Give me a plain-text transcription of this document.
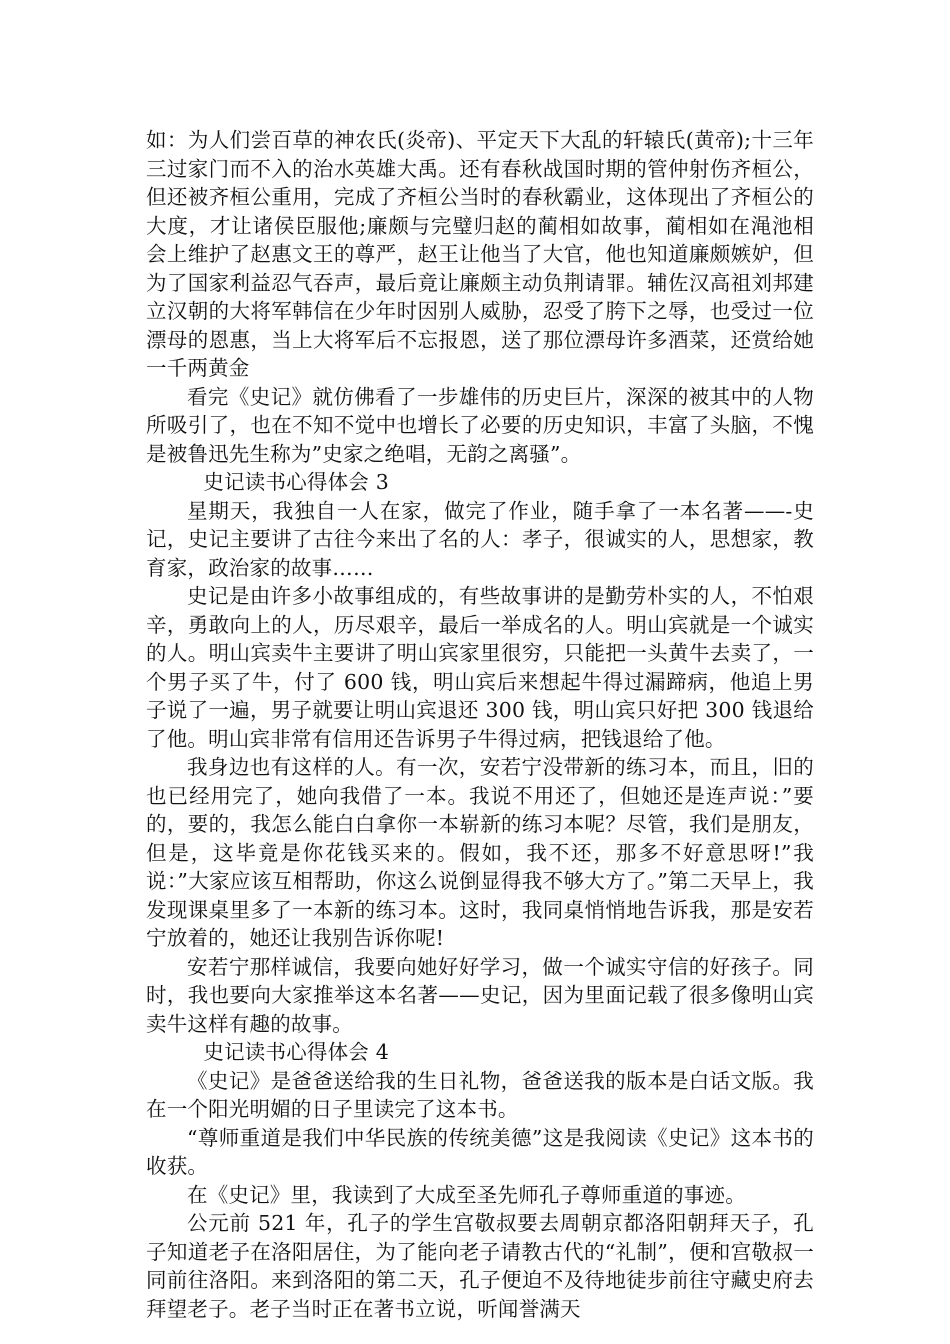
如：为人们尝百草的神农氏(炎帝)、平定天下大乱的轩辕氏(黄帝);十三年三过家门而不入的治水英雄大禹。还有春秋战国时期的管仲射伤齐桓公，但还被齐桓公重用，完成了齐桓公当时的春秋霸业，这体现出了齐桓公的大度，才让诸侯臣服他;廉颇与完璧归赵的蔺相如故事，蔺相如在渑池相会上维护了赵惠文王的尊严，赵王让他当了大官，他也知道廉颇嫉妒，但为了国家利益忍气吞声，最后竟让廉颇主动负荆请罪。辅佐汉高祖刘邦建立汉朝的大将军韩信在少年时因别人威胁，忍受了胯下之辱，也受过一位漂母的恩惠，当上大将军后不忘报恩，送了那位漂母许多酒菜，还赏给她一千两黄金

看完《史记》就仿佛看了一步雄伟的历史巨片，深深的被其中的人物所吸引了，也在不知不觉中也增长了必要的历史知识，丰富了头脑，不愧是被鲁迅先生称为”史家之绝唱，无韵之离骚”。

史记读书心得体会 3

星期天，我独自一人在家，做完了作业，随手拿了一本名著——-史记，史记主要讲了古往今来出了名的人：孝子，很诚实的人，思想家，教育家，政治家的故事……

史记是由许多小故事组成的，有些故事讲的是勤劳朴实的人，不怕艰辛，勇敢向上的人，历尽艰辛，最后一举成名的人。明山宾就是一个诚实的人。明山宾卖牛主要讲了明山宾家里很穷，只能把一头黄牛去卖了，一个男子买了牛，付了 600 钱，明山宾后来想起牛得过漏蹄病，他追上男子说了一遍，男子就要让明山宾退还 300 钱，明山宾只好把 300 钱退给了他。明山宾非常有信用还告诉男子牛得过病，把钱退给了他。

我身边也有这样的人。有一次，安若宁没带新的练习本，而且，旧的也已经用完了，她向我借了一本。我说不用还了，但她还是连声说：”要的，要的，我怎么能白白拿你一本崭新的练习本呢？尽管，我们是朋友，但是，这毕竟是你花钱买来的。假如，我不还，那多不好意思呀!”我说：”大家应该互相帮助，你这么说倒显得我不够大方了。”第二天早上，我发现课桌里多了一本新的练习本。这时，我同桌悄悄地告诉我，那是安若宁放着的，她还让我别告诉你呢!

安若宁那样诚信，我要向她好好学习，做一个诚实守信的好孩子。同时，我也要向大家推举这本名著——史记，因为里面记载了很多像明山宾卖牛这样有趣的故事。

史记读书心得体会 4

《史记》是爸爸送给我的生日礼物，爸爸送我的版本是白话文版。我在一个阳光明媚的日子里读完了这本书。

“尊师重道是我们中华民族的传统美德”这是我阅读《史记》这本书的收获。

在《史记》里，我读到了大成至圣先师孔子尊师重道的事迹。

公元前 521 年，孔子的学生宫敬叔要去周朝京都洛阳朝拜天子，孔子知道老子在洛阳居住，为了能向老子请教古代的“礼制”，便和宫敬叔一同前往洛阳。来到洛阳的第二天，孔子便迫不及待地徒步前往守藏史府去拜望老子。老子当时正在著书立说，听闻誉满天
